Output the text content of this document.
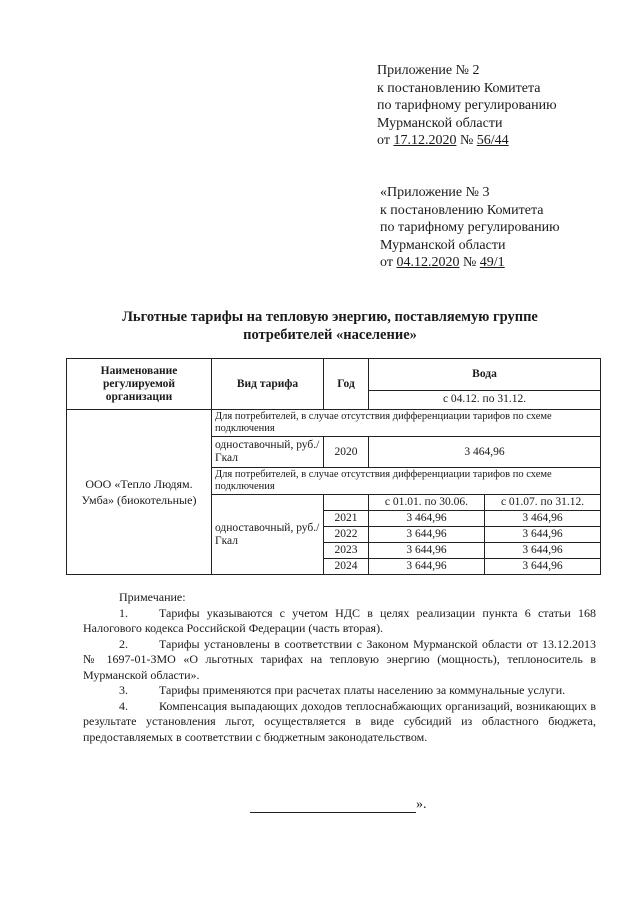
Приложение № 2
к постановлению Комитета
по тарифному регулированию
Мурманской области
от 17.12.2020 № 56/44
«Приложение № 3
к постановлению Комитета
по тарифному регулированию
Мурманской области
от 04.12.2020 № 49/1
Льготные тарифы на тепловую энергию, поставляемую группе
потребителей «население»
Наименование регулируемой организации	Вид тарифа	Год	Вода	
			с 04.12. по 31.12.	
ООО «Тепло Людям. Умба» (биокотельные)	Для потребителей, в случае отсутствия дифференциации тарифов по схеме подключения			
	одноставочный, руб./Гкал	2020	3 464,96	
	Для потребителей, в случае отсутствия дифференциации тарифов по схеме подключения			
	одноставочный, руб./Гкал		с 01.01. по 30.06.	с 01.07. по 31.12.
		2021	3 464,96	3 464,96
		2022	3 644,96	3 644,96
		2023	3 644,96	3 644,96
		2024	3 644,96	3 644,96

Примечание:

1.	Тарифы указываются с учетом НДС в целях реализации пункта 6 статьи 168 Налогового кодекса Российской Федерации (часть вторая).

2.	Тарифы установлены в соответствии с Законом Мурманской области от 13.12.2013 № 1697-01-ЗМО «О льготных тарифах на тепловую энергию (мощность), теплоноситель в Мурманской области».

3.	Тарифы применяются при расчетах платы населению за коммунальные услуги.

4.	Компенсация выпадающих доходов теплоснабжающих организаций, возникающих в результате установления льгот, осуществляется в виде субсидий из областного бюджета, предоставляемых в соответствии с бюджетным законодательством.

».
